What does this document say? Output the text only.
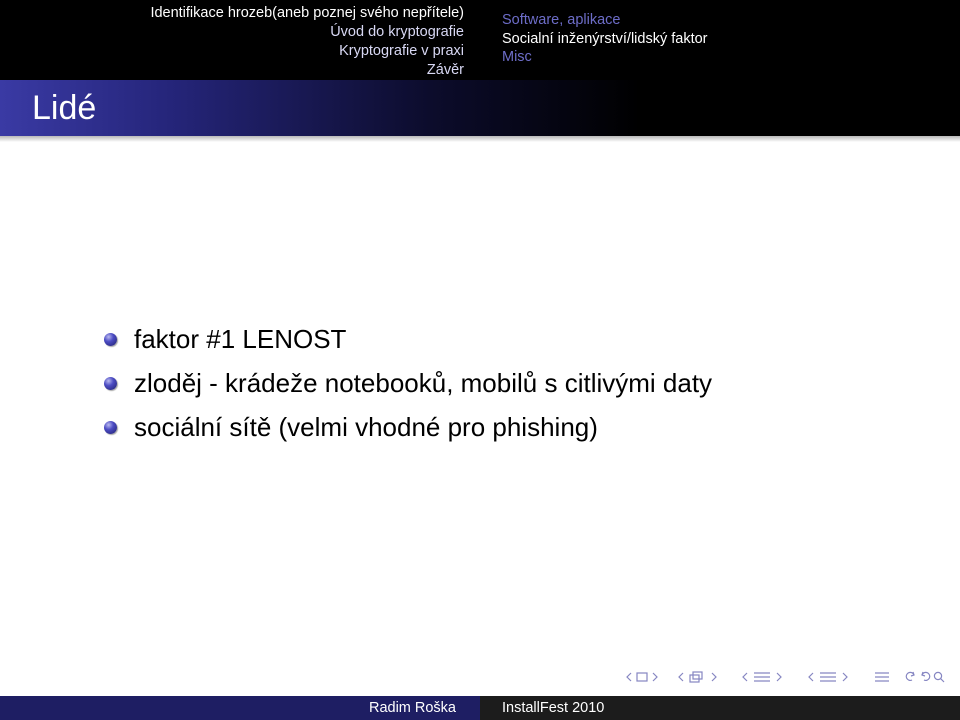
Identifikace hrozeb(aneb poznej svého nepřítele)
Úvod do kryptografie
Kryptografie v praxi
Závěr
Software, aplikace
Socialní inženýrství/lidský faktor
Misc
Lidé
faktor #1 LENOST
zloděj - krádeže notebooků, mobilů s citlivými daty
sociální sítě (velmi vhodné pro phishing)
Radim Roška	InstallFest 2010
